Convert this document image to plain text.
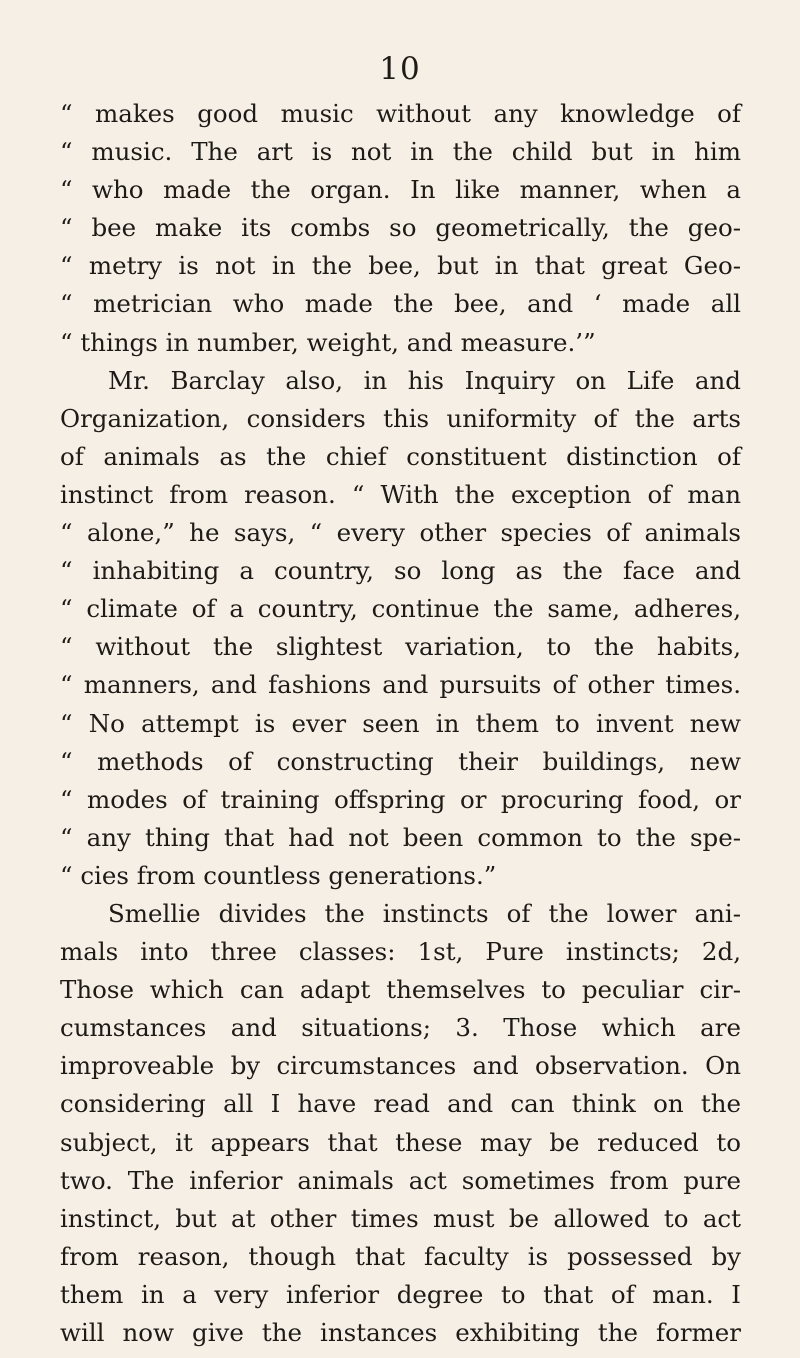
10
“ makes good music without any knowledge of
“ music. The art is not in the child but in him
“ who made the organ. In like manner, when a
“ bee make its combs so geometrically, the geo-
“ metry is not in the bee, but in that great Geo-
“ metrician who made the bee, and ‘ made all
“ things in number, weight, and measure.’”
Mr. Barclay also, in his Inquiry on Life and
Organization, considers this uniformity of the arts
of animals as the chief constituent distinction of
instinct from reason. “ With the exception of man
“ alone,” he says, “ every other species of animals
“ inhabiting a country, so long as the face and
“ climate of a country, continue the same, adheres,
“ without the slightest variation, to the habits,
“ manners, and fashions and pursuits of other times.
“ No attempt is ever seen in them to invent new
“ methods of constructing their buildings, new
“ modes of training offspring or procuring food, or
“ any thing that had not been common to the spe-
“ cies from countless generations.”
Smellie divides the instincts of the lower ani-
mals into three classes: 1st, Pure instincts; 2d,
Those which can adapt themselves to peculiar cir-
cumstances and situations; 3. Those which are
improveable by circumstances and observation. On
considering all I have read and can think on the
subject, it appears that these may be reduced to
two. The inferior animals act sometimes from pure
instinct, but at other times must be allowed to act
from reason, though that faculty is possessed by
them in a very inferior degree to that of man. I
will now give the instances exhibiting the former
